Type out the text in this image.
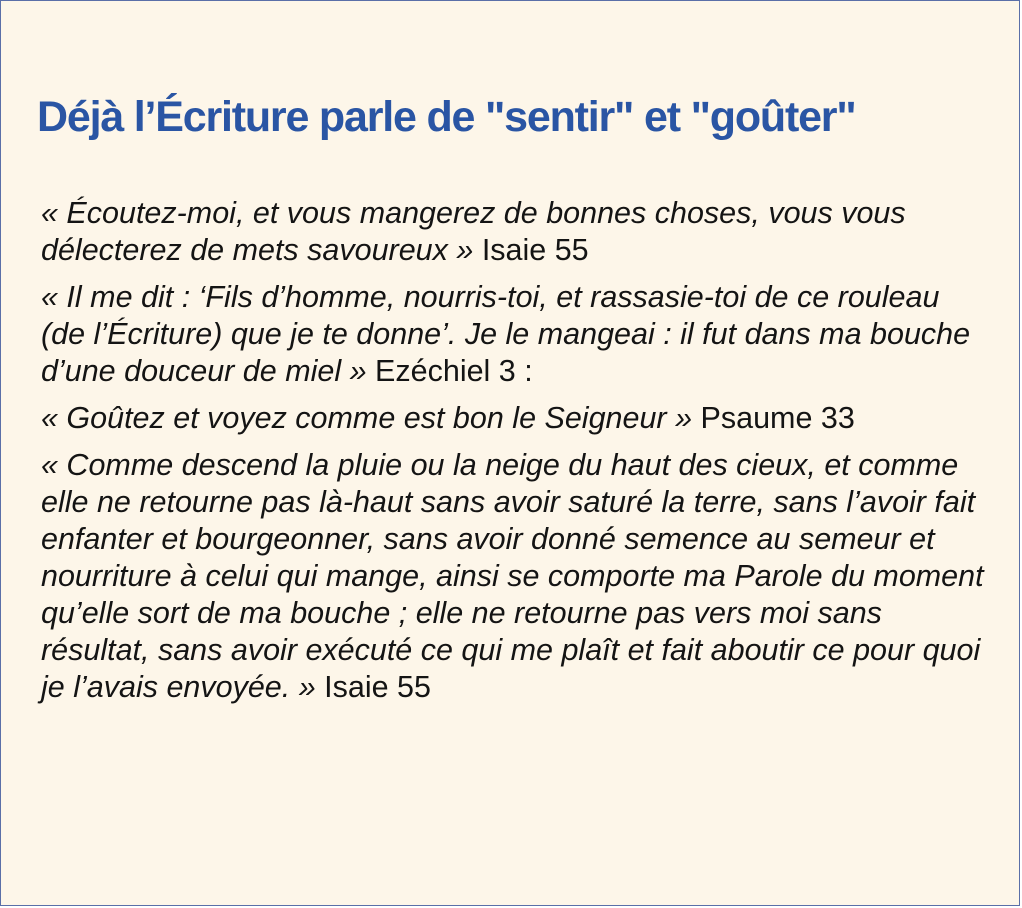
Déjà l’Écriture parle de "sentir" et "goûter"

« Écoutez-moi, et vous mangerez de bonnes choses, vous vous délecterez de mets savoureux » Isaie 55

« Il me dit : ‘Fils d’homme, nourris-toi, et rassasie-toi de ce rouleau (de l’Écriture) que je te donne’. Je le mangeai : il fut dans ma bouche d’une douceur de miel » Ezéchiel 3 :

« Goûtez et voyez comme est bon le Seigneur » Psaume 33

« Comme descend la pluie ou la neige du haut des cieux, et comme elle ne retourne pas là-haut sans avoir saturé la terre, sans l’avoir fait enfanter et bourgeonner, sans avoir donné semence au semeur et nourriture à celui qui mange, ainsi se comporte ma Parole du moment qu’elle sort de ma bouche ; elle ne retourne pas vers moi sans résultat, sans avoir exécuté ce qui me plaît et fait aboutir ce pour quoi je l’avais envoyée. » Isaie 55
